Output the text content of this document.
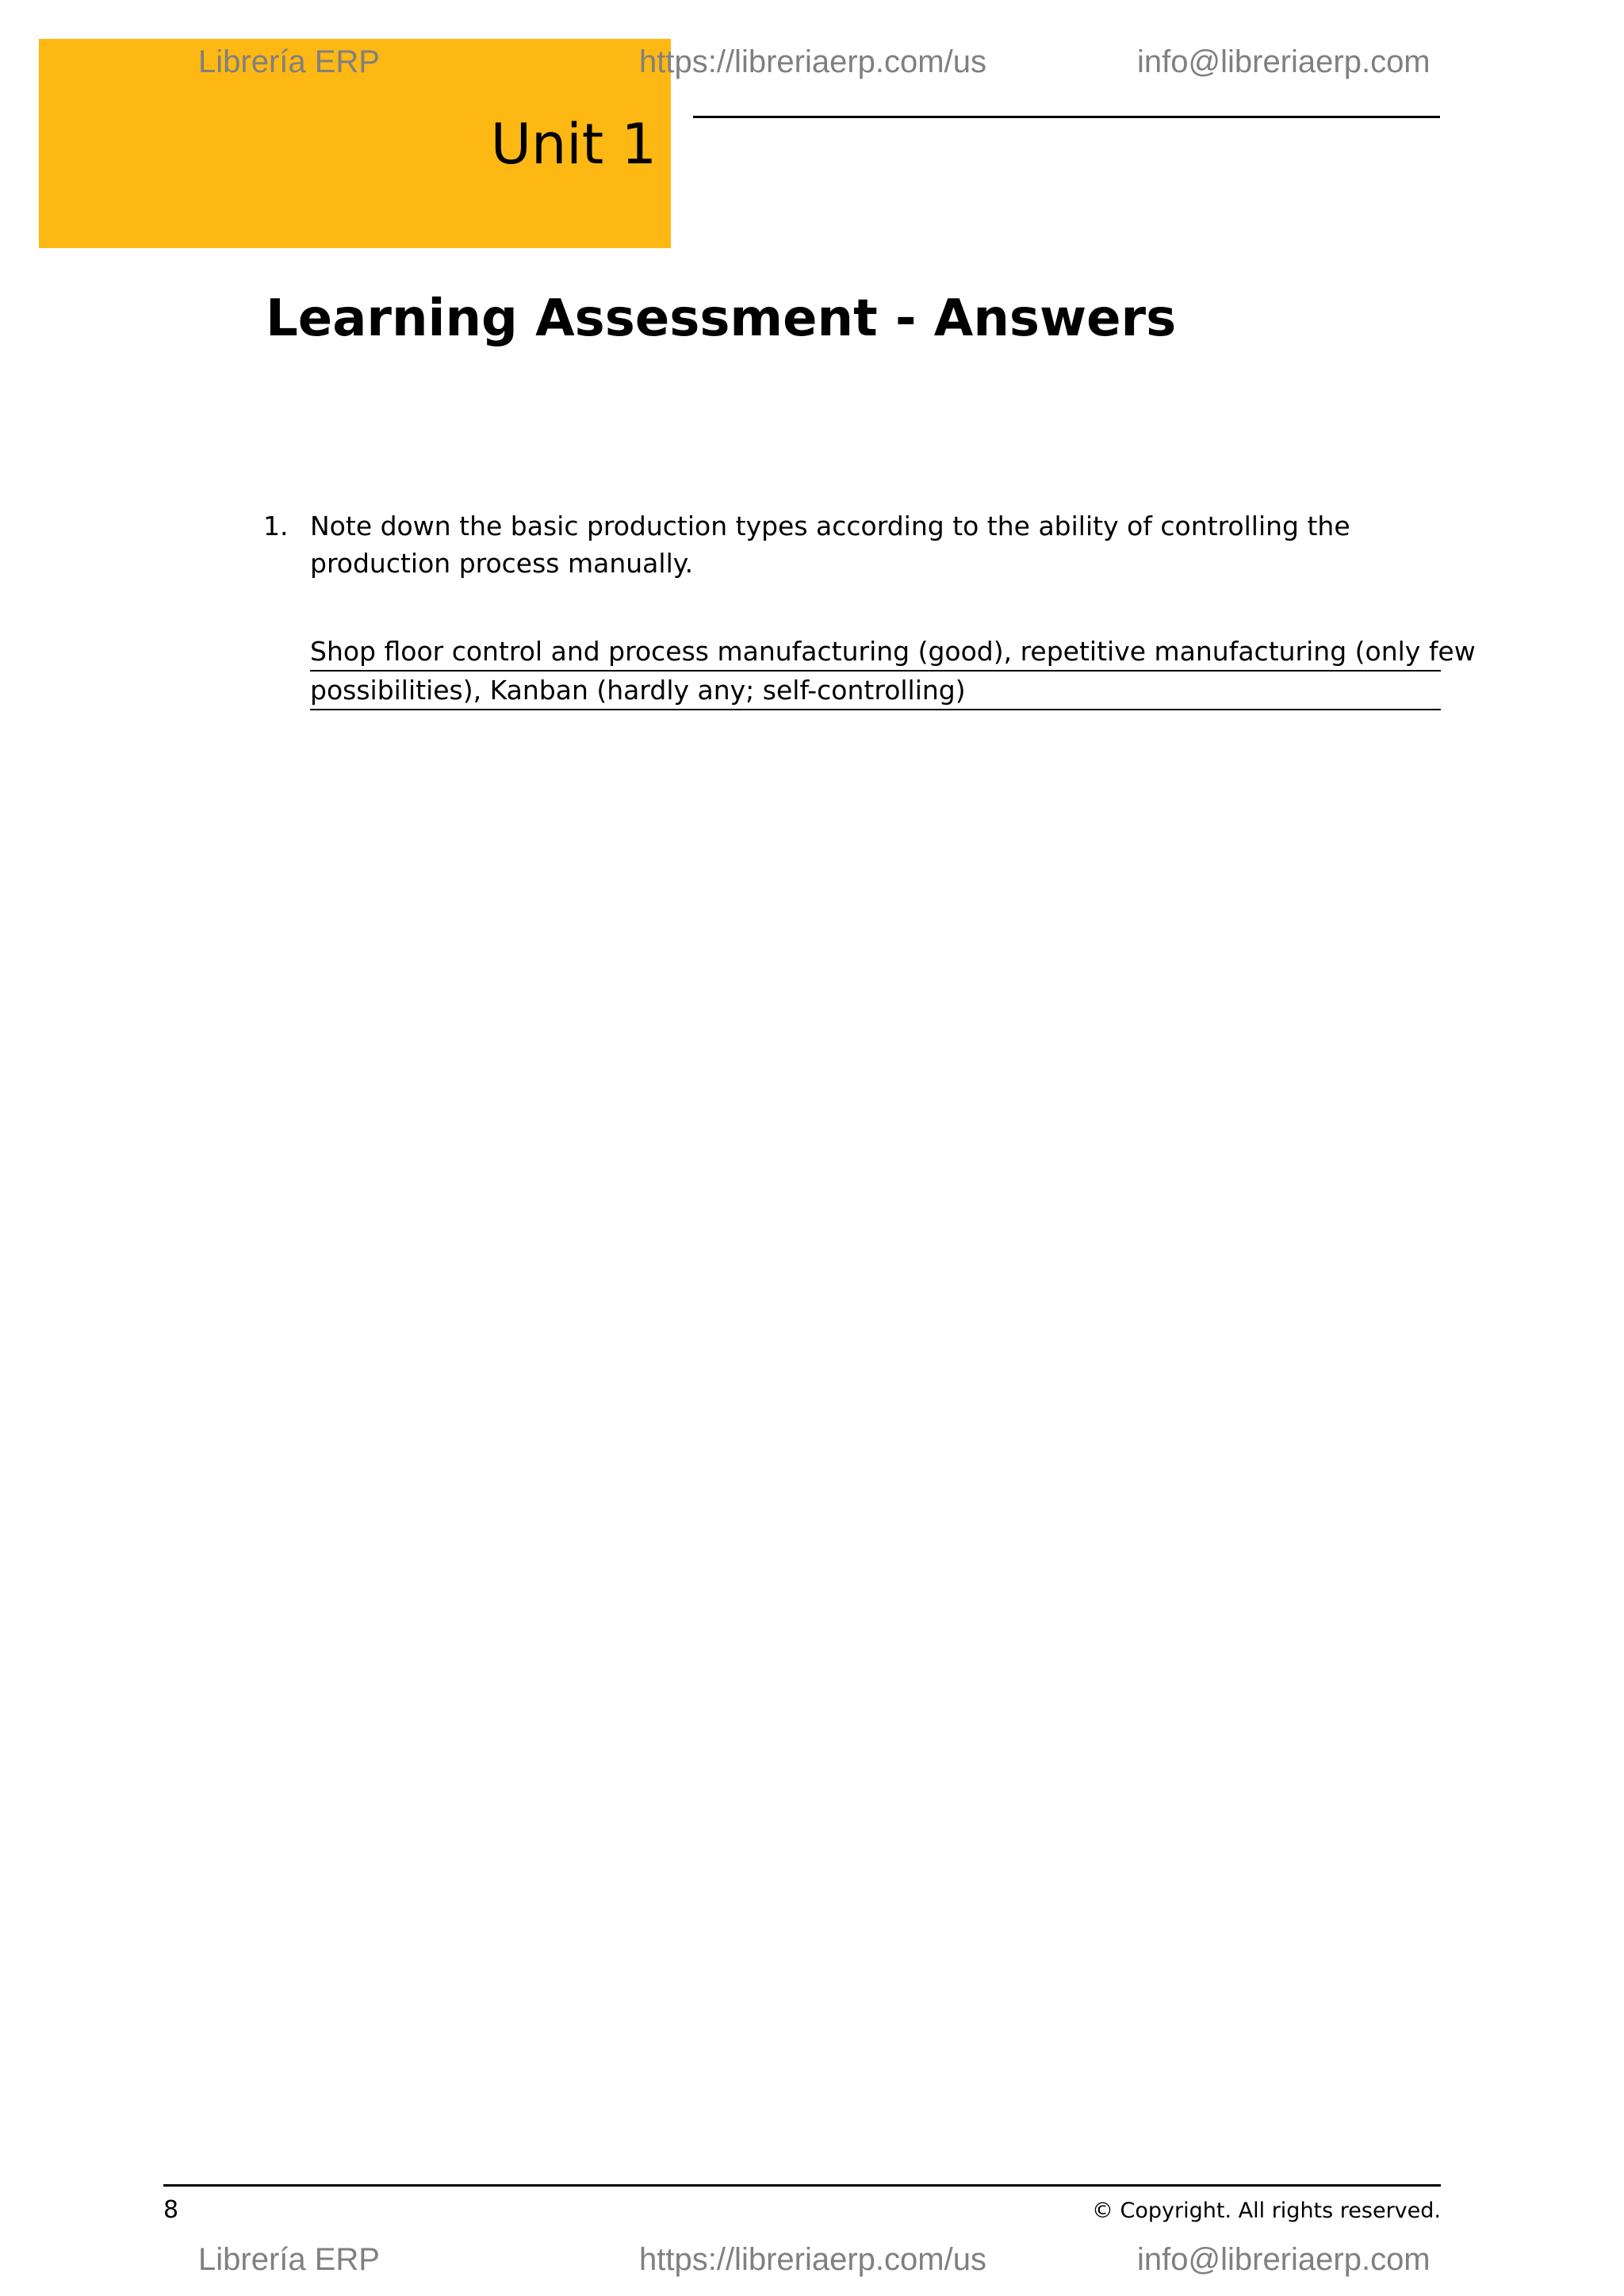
Unit 1
Librería ERP	https://libreriaerp.com/us	info@libreriaerp.com
Learning Assessment - Answers
1. Note down the basic production types according to the ability of controlling the production process manually.
Shop floor control and process manufacturing (good), repetitive manufacturing (only few
possibilities), Kanban (hardly any; self-controlling)
8	© Copyright. All rights reserved.
Librería ERP	https://libreriaerp.com/us	info@libreriaerp.com
